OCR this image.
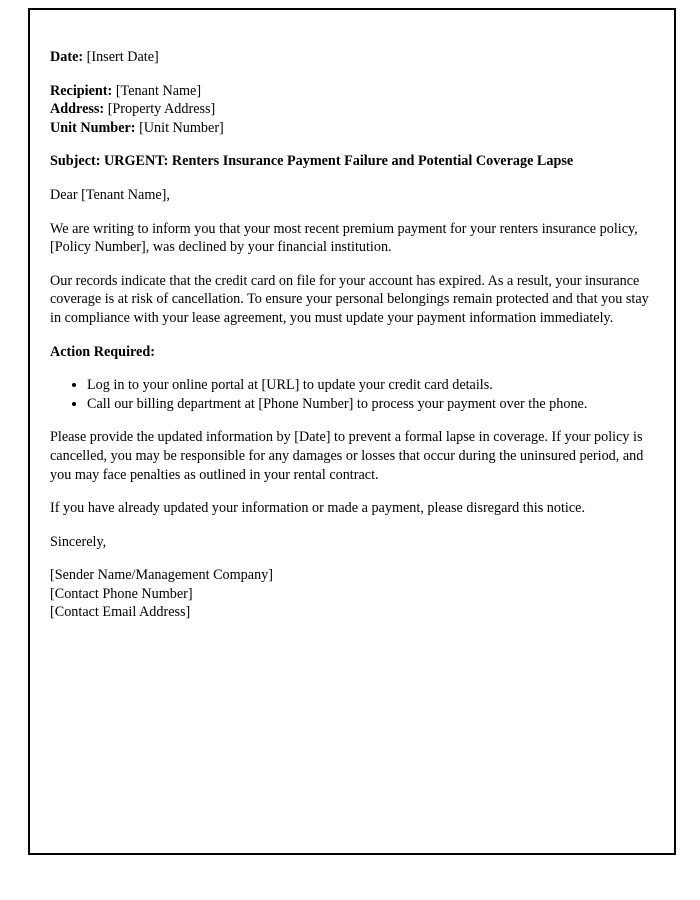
Date: [Insert Date]

Recipient: [Tenant Name]
Address: [Property Address]
Unit Number: [Unit Number]

Subject: URGENT: Renters Insurance Payment Failure and Potential Coverage Lapse

Dear [Tenant Name],

We are writing to inform you that your most recent premium payment for your renters insurance policy, [Policy Number], was declined by your financial institution.

Our records indicate that the credit card on file for your account has expired. As a result, your insurance coverage is at risk of cancellation. To ensure your personal belongings remain protected and that you stay in compliance with your lease agreement, you must update your payment information immediately.

Action Required:

• Log in to your online portal at [URL] to update your credit card details.
• Call our billing department at [Phone Number] to process your payment over the phone.

Please provide the updated information by [Date] to prevent a formal lapse in coverage. If your policy is cancelled, you may be responsible for any damages or losses that occur during the uninsured period, and you may face penalties as outlined in your rental contract.

If you have already updated your information or made a payment, please disregard this notice.

Sincerely,

[Sender Name/Management Company]
[Contact Phone Number]
[Contact Email Address]
